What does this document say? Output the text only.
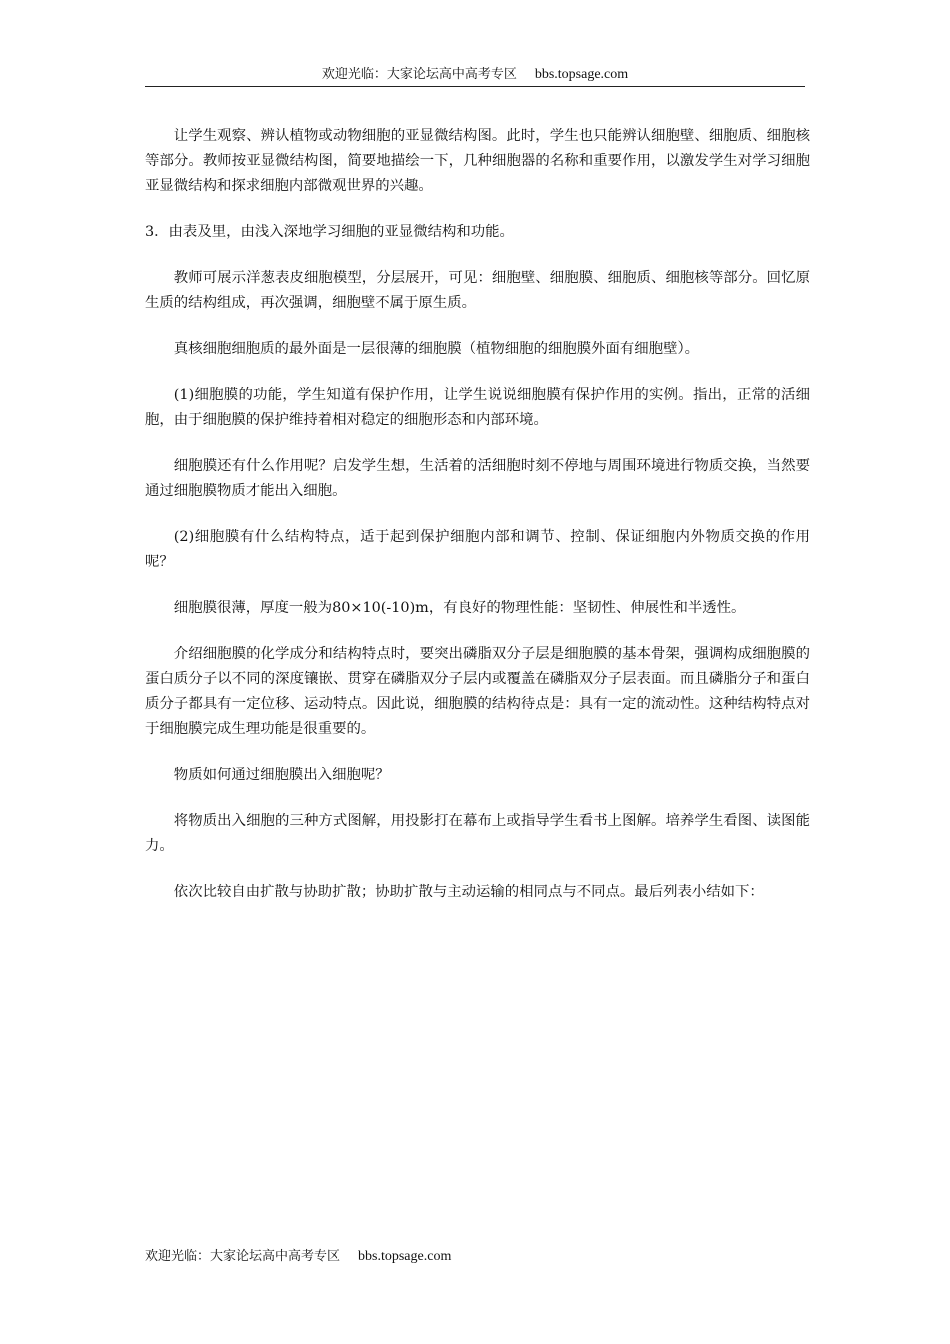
欢迎光临：大家论坛高中高考专区 bbs.topsage.com

让学生观察、辨认植物或动物细胞的亚显微结构图。此时，学生也只能辨认细胞壁、细胞质、细胞核等部分。教师按亚显微结构图，简要地描绘一下，几种细胞器的名称和重要作用，以激发学生对学习细胞亚显微结构和探求细胞内部微观世界的兴趣。

3．由表及里，由浅入深地学习细胞的亚显微结构和功能。

教师可展示洋葱表皮细胞模型，分层展开，可见：细胞壁、细胞膜、细胞质、细胞核等部分。回忆原生质的结构组成，再次强调，细胞壁不属于原生质。

真核细胞细胞质的最外面是一层很薄的细胞膜（植物细胞的细胞膜外面有细胞壁）。

(1)细胞膜的功能，学生知道有保护作用，让学生说说细胞膜有保护作用的实例。指出，正常的活细胞，由于细胞膜的保护维持着相对稳定的细胞形态和内部环境。

细胞膜还有什么作用呢？启发学生想，生活着的活细胞时刻不停地与周围环境进行物质交换，当然要通过细胞膜物质才能出入细胞。

(2)细胞膜有什么结构特点，适于起到保护细胞内部和调节、控制、保证细胞内外物质交换的作用呢？

细胞膜很薄，厚度一般为80×10(-10)m，有良好的物理性能：坚韧性、伸展性和半透性。

介绍细胞膜的化学成分和结构特点时，要突出磷脂双分子层是细胞膜的基本骨架，强调构成细胞膜的蛋白质分子以不同的深度镶嵌、贯穿在磷脂双分子层内或覆盖在磷脂双分子层表面。而且磷脂分子和蛋白质分子都具有一定位移、运动特点。因此说，细胞膜的结构待点是：具有一定的流动性。这种结构特点对于细胞膜完成生理功能是很重要的。

物质如何通过细胞膜出入细胞呢？

将物质出入细胞的三种方式图解，用投影打在幕布上或指导学生看书上图解。培养学生看图、读图能力。

依次比较自由扩散与协助扩散；协助扩散与主动运输的相同点与不同点。最后列表小结如下：

欢迎光临：大家论坛高中高考专区 bbs.topsage.com
